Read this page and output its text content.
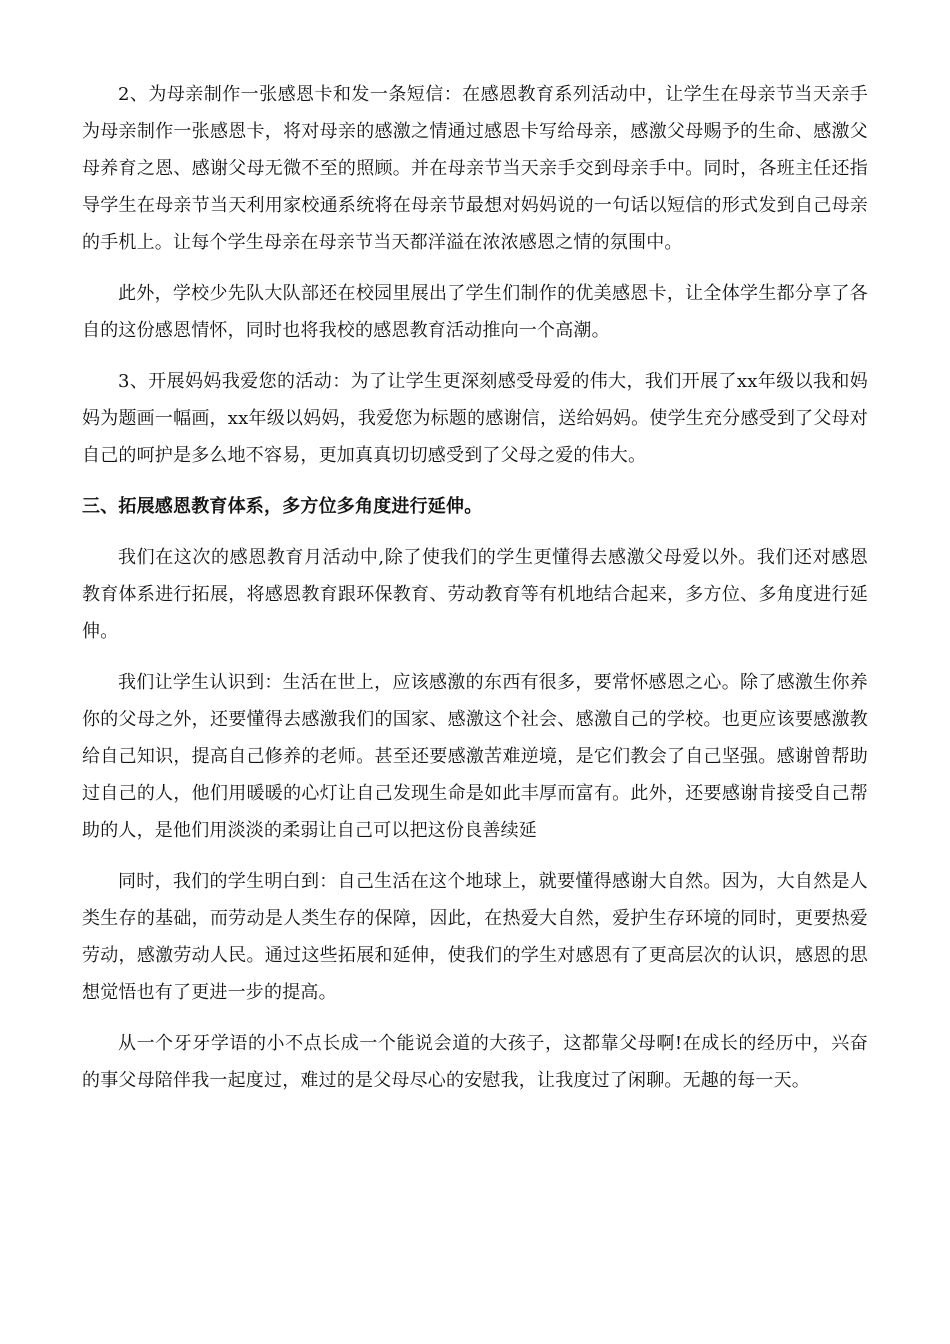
2、为母亲制作一张感恩卡和发一条短信：在感恩教育系列活动中，让学生在母亲节当天亲手为母亲制作一张感恩卡，将对母亲的感激之情通过感恩卡写给母亲，感激父母赐予的生命、感激父母养育之恩、感谢父母无微不至的照顾。并在母亲节当天亲手交到母亲手中。同时，各班主任还指导学生在母亲节当天利用家校通系统将在母亲节最想对妈妈说的一句话以短信的形式发到自己母亲的手机上。让每个学生母亲在母亲节当天都洋溢在浓浓感恩之情的氛围中。

此外，学校少先队大队部还在校园里展出了学生们制作的优美感恩卡，让全体学生都分享了各自的这份感恩情怀，同时也将我校的感恩教育活动推向一个高潮。

3、开展妈妈我爱您的活动：为了让学生更深刻感受母爱的伟大，我们开展了xx年级以我和妈妈为题画一幅画，xx年级以妈妈，我爱您为标题的感谢信，送给妈妈。使学生充分感受到了父母对自己的呵护是多么地不容易，更加真真切切感受到了父母之爱的伟大。

三、拓展感恩教育体系，多方位多角度进行延伸。

我们在这次的感恩教育月活动中,除了使我们的学生更懂得去感激父母爱以外。我们还对感恩教育体系进行拓展，将感恩教育跟环保教育、劳动教育等有机地结合起来，多方位、多角度进行延伸。

我们让学生认识到：生活在世上，应该感激的东西有很多，要常怀感恩之心。除了感激生你养你的父母之外，还要懂得去感激我们的国家、感激这个社会、感激自己的学校。也更应该要感激教给自己知识，提高自己修养的老师。甚至还要感激苦难逆境，是它们教会了自己坚强。感谢曾帮助过自己的人，他们用暖暖的心灯让自己发现生命是如此丰厚而富有。此外，还要感谢肯接受自己帮助的人，是他们用淡淡的柔弱让自己可以把这份良善续延

同时，我们的学生明白到：自己生活在这个地球上，就要懂得感谢大自然。因为，大自然是人类生存的基础，而劳动是人类生存的保障，因此，在热爱大自然，爱护生存环境的同时，更要热爱劳动，感激劳动人民。通过这些拓展和延伸，使我们的学生对感恩有了更高层次的认识，感恩的思想觉悟也有了更进一步的提高。

从一个牙牙学语的小不点长成一个能说会道的大孩子，这都靠父母啊!在成长的经历中，兴奋的事父母陪伴我一起度过，难过的是父母尽心的安慰我，让我度过了闲聊。无趣的每一天。
